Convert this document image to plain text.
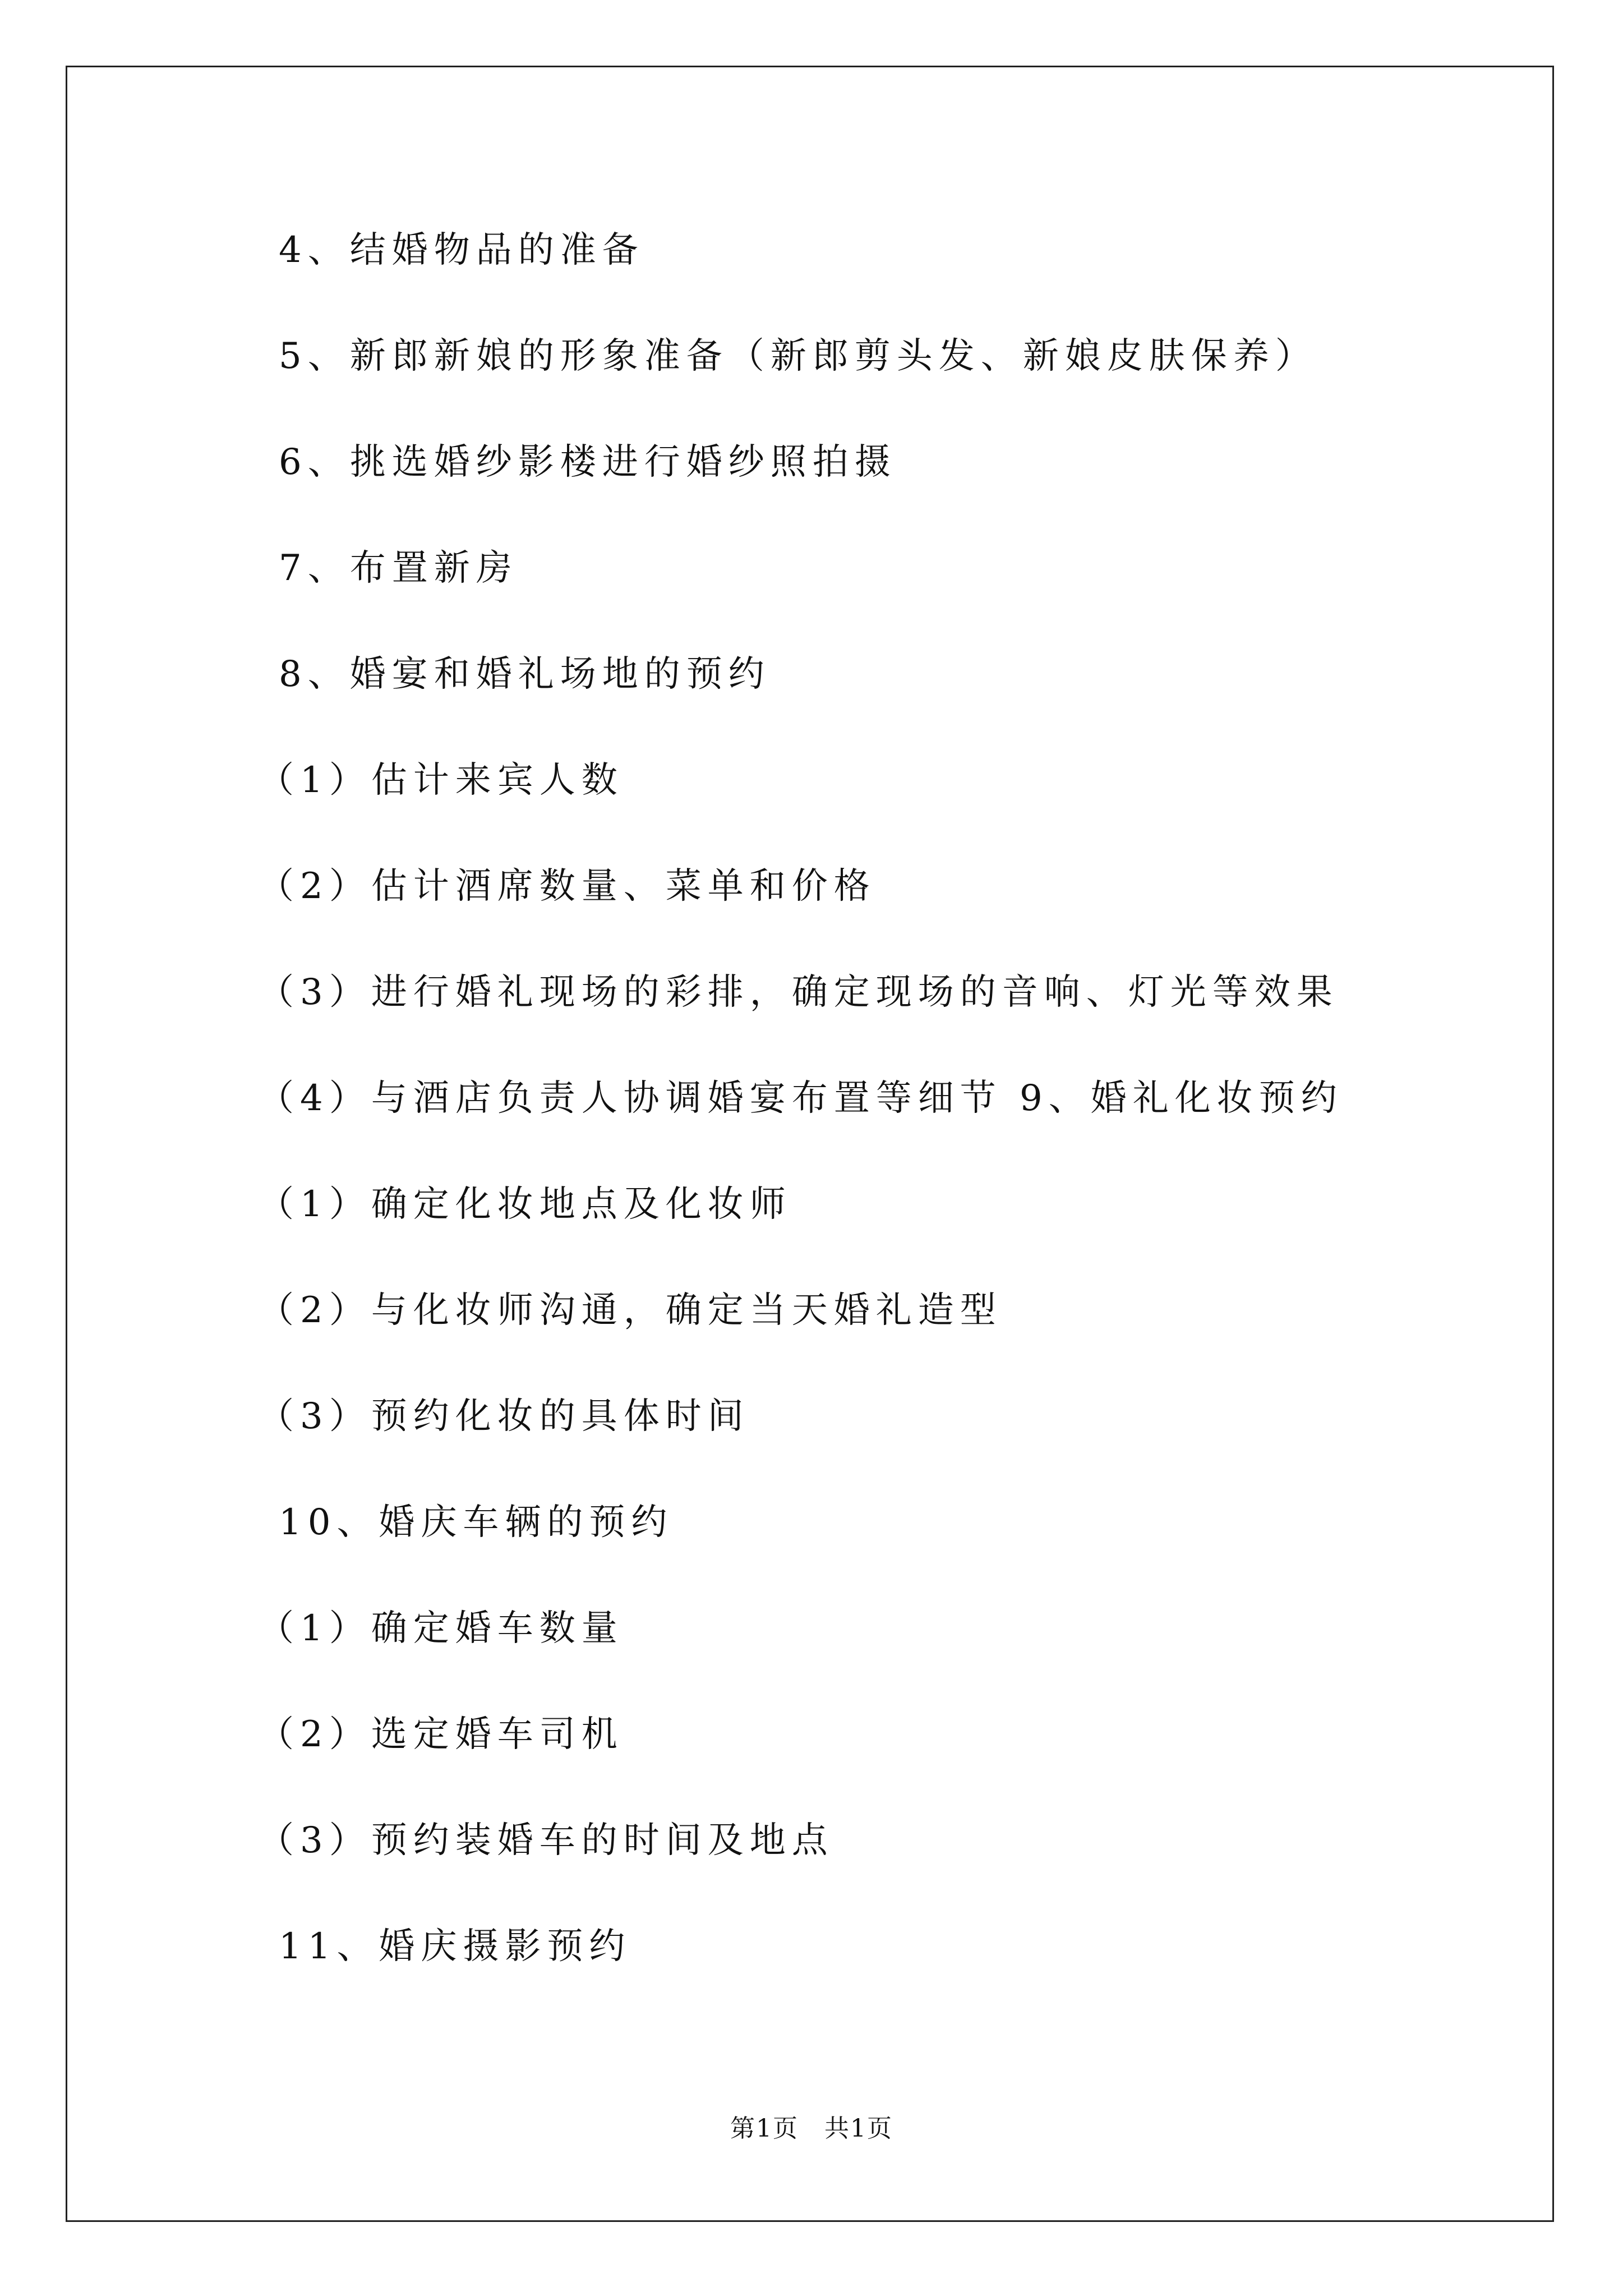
4、结婚物品的准备

5、新郎新娘的形象准备（新郎剪头发、新娘皮肤保养）

6、挑选婚纱影楼进行婚纱照拍摄

7、布置新房

8、婚宴和婚礼场地的预约

（1）估计来宾人数

（2）估计酒席数量、菜单和价格

（3）进行婚礼现场的彩排，确定现场的音响、灯光等效果

（4）与酒店负责人协调婚宴布置等细节 9、婚礼化妆预约

（1）确定化妆地点及化妆师

（2）与化妆师沟通，确定当天婚礼造型

（3）预约化妆的具体时间

10、婚庆车辆的预约

（1）确定婚车数量

（2）选定婚车司机

（3）预约装婚车的时间及地点

11、婚庆摄影预约

第1页　共1页
